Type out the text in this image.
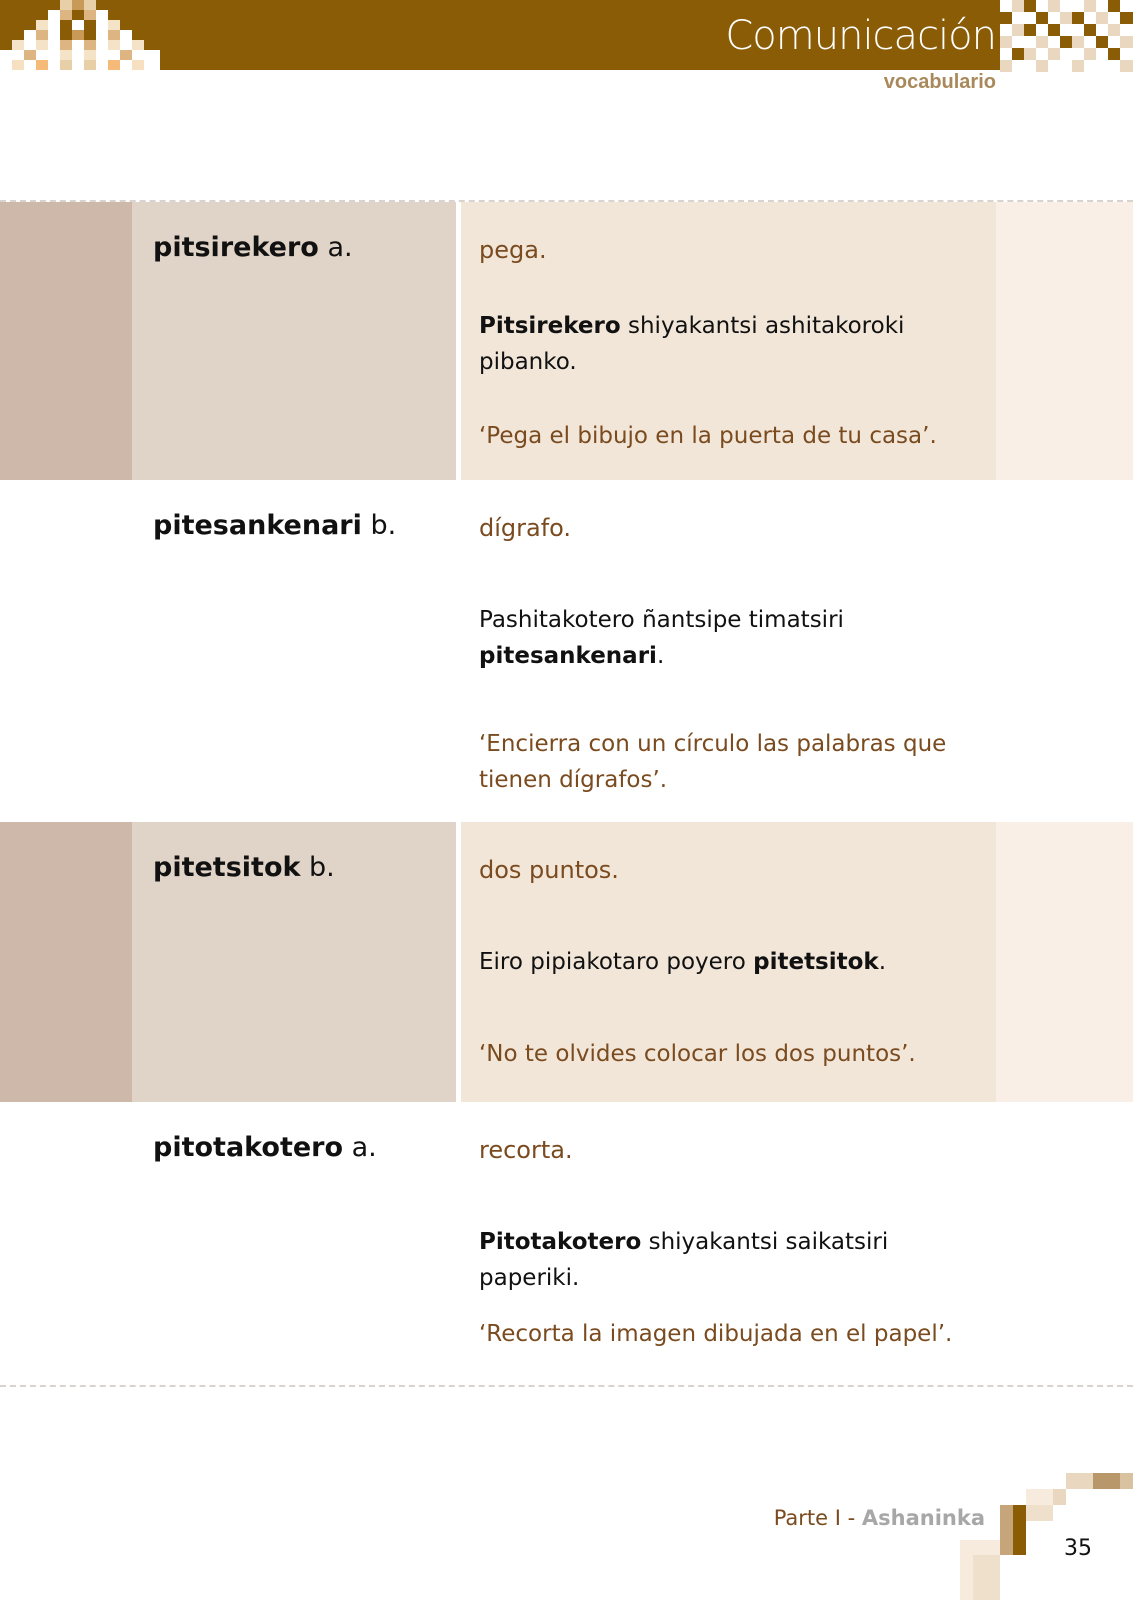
Comunicación
vocabulario
pitsirekero a.	pega.

Pitsirekero shiyakantsi ashitakoroki pibanko.

‘Pega el bibujo en la puerta de tu casa’.

pitesankenari b.	dígrafo.

Pashitakotero ñantsipe timatsiri pitesankenari.

‘Encierra con un círculo las palabras que tienen dígrafos’.

pitetsitok b.	dos puntos.

Eiro pipiakotaro poyero pitetsitok.

‘No te olvides colocar los dos puntos’.

pitotakotero a.	recorta.

Pitotakotero shiyakantsi saikatsiri paperiki.

‘Recorta la imagen dibujada en el papel’.

Parte I - Ashaninka
35
